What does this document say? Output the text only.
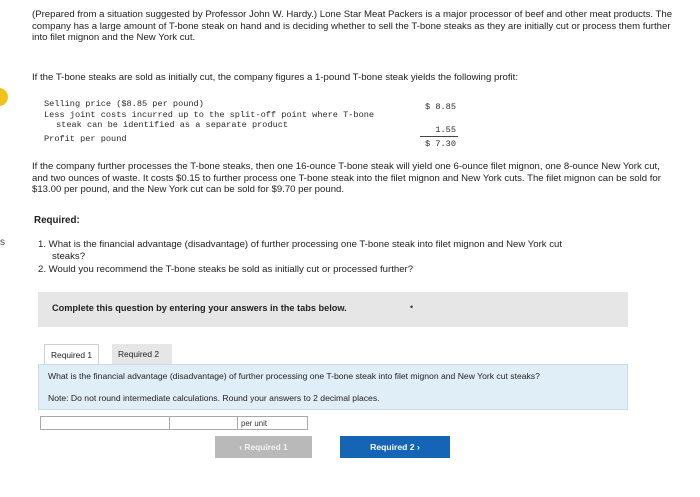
s
(Prepared from a situation suggested by Professor John W. Hardy.) Lone Star Meat Packers is a major processor of beef and other meat products. The company has a large amount of T-bone steak on hand and is deciding whether to sell the T-bone steaks as they are initially cut or process them further into filet mignon and the New York cut.
If the T-bone steaks are sold as initially cut, the company figures a 1-pound T-bone steak yields the following profit:
Selling price ($8.85 per pound)	$ 8.85
Less joint costs incurred up to the split-off point where T-bone
steak can be identified as a separate product	1.55
Profit per pound	$ 7.30
If the company further processes the T-bone steaks, then one 16-ounce T-bone steak will yield one 6-ounce filet mignon, one 8-ounce New York cut, and two ounces of waste. It costs $0.15 to further process one T-bone steak into the filet mignon and New York cuts. The filet mignon can be sold for $13.00 per pound, and the New York cut can be sold for $9.70 per pound.
Required:
1. What is the financial advantage (disadvantage) of further processing one T-bone steak into filet mignon and New York cut
steaks?
2. Would you recommend the T-bone steaks be sold as initially cut or processed further?
Complete this question by entering your answers in the tabs below.	•
Required 1	Required 2
What is the financial advantage (disadvantage) of further processing one T-bone steak into filet mignon and New York cut steaks?
Note: Do not round intermediate calculations. Round your answers to 2 decimal places.
per unit
‹ Required 1	Required 2 ›
